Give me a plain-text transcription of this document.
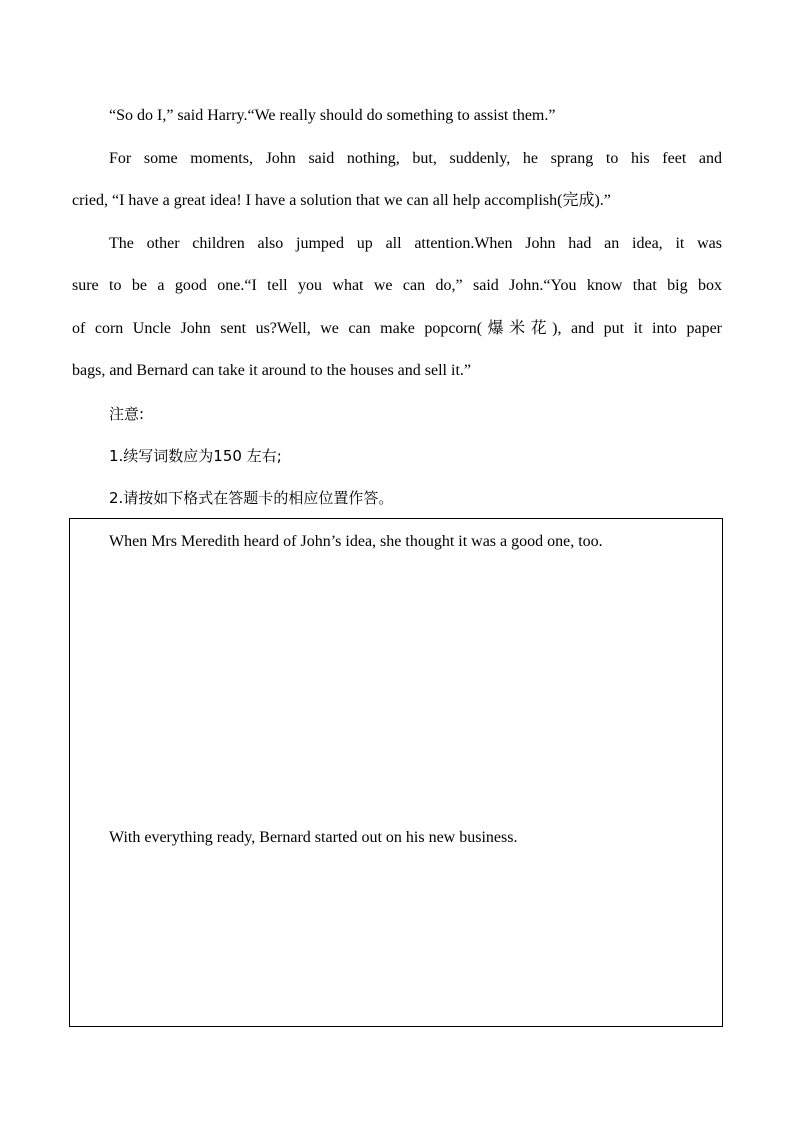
“So do I,” said Harry.“We really should do something to assist them.”
For some moments, John said nothing, but, suddenly, he sprang to his feet and
cried, “I have a great idea! I have a solution that we can all help accomplish(完成).”
The other children also jumped up all attention.When John had an idea, it was
sure to be a good one.“I tell you what we can do,” said John.“You know that big box
of corn Uncle John sent us?Well, we can make popcorn(爆米花), and put it into paper
bags, and Bernard can take it around to the houses and sell it.”
注意:
1.续写词数应为150 左右;
2.请按如下格式在答题卡的相应位置作答。
When Mrs Meredith heard of John’s idea, she thought it was a good one, too.
With everything ready, Bernard started out on his new business.
